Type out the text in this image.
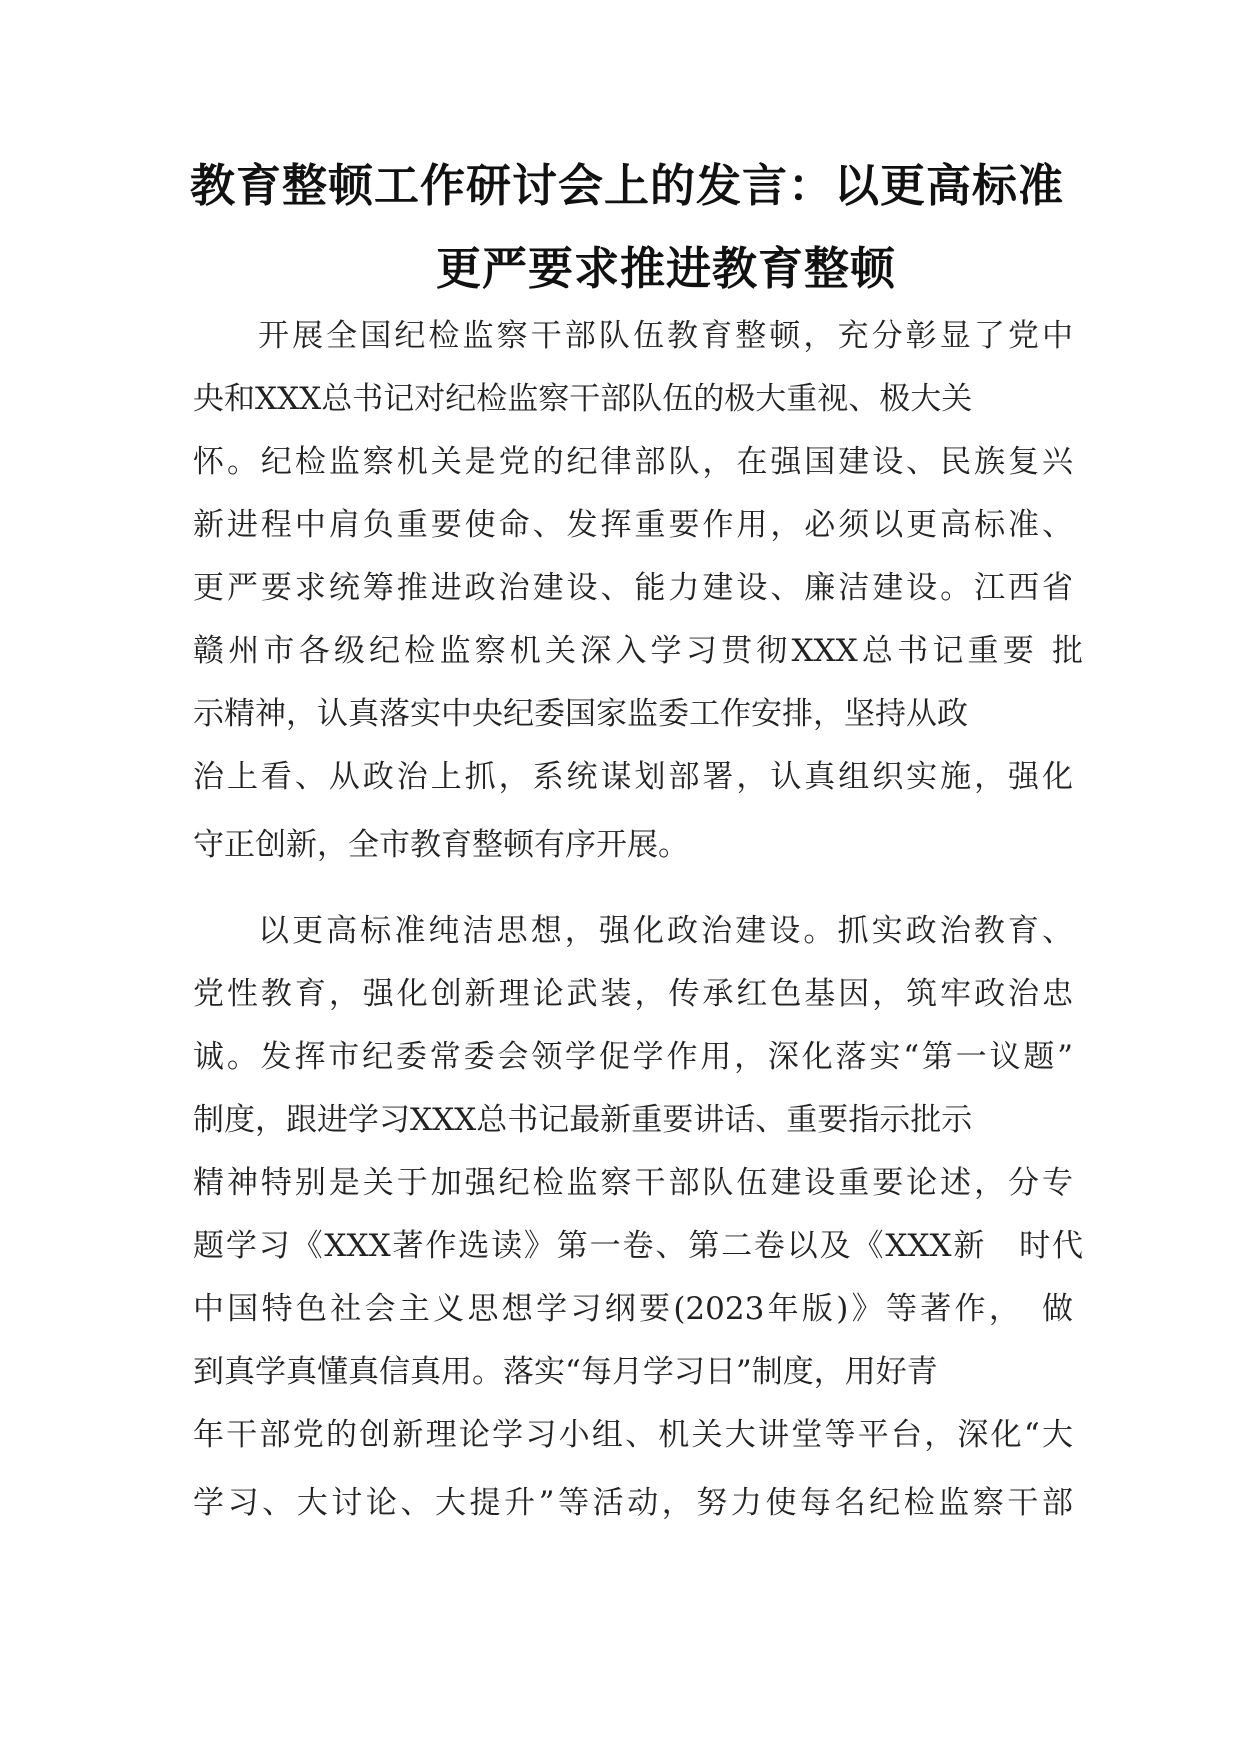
教育整顿工作研讨会上的发言：以更高标准
更严要求推进教育整顿
开展全国纪检监察干部队伍教育整顿，充分彰显了党中
央和XXX总书记对纪检监察干部队伍的极大重视、极大关
怀。纪检监察机关是党的纪律部队，在强国建设、民族复兴
新进程中肩负重要使命、发挥重要作用，必须以更高标准、
更严要求统筹推进政治建设、能力建设、廉洁建设。江西省
赣州市各级纪检监察机关深入学习贯彻XXX总书记重要 批
示精神，认真落实中央纪委国家监委工作安排，坚持从政
治上看、从政治上抓，系统谋划部署，认真组织实施，强化
守正创新，全市教育整顿有序开展。
以更高标准纯洁思想，强化政治建设。抓实政治教育、
党性教育，强化创新理论武装，传承红色基因，筑牢政治忠
诚。发挥市纪委常委会领学促学作用，深化落实“第一议题”
制度，跟进学习XXX总书记最新重要讲话、重要指示批示
精神特别是关于加强纪检监察干部队伍建设重要论述，分专
题学习《XXX著作选读》第一卷、第二卷以及《XXX新　时代
中国特色社会主义思想学习纲要(2023年版)》等著作，　做
到真学真懂真信真用。落实“每月学习日”制度，用好青
年干部党的创新理论学习小组、机关大讲堂等平台，深化“大
学习、大讨论、大提升”等活动，努力使每名纪检监察干部
